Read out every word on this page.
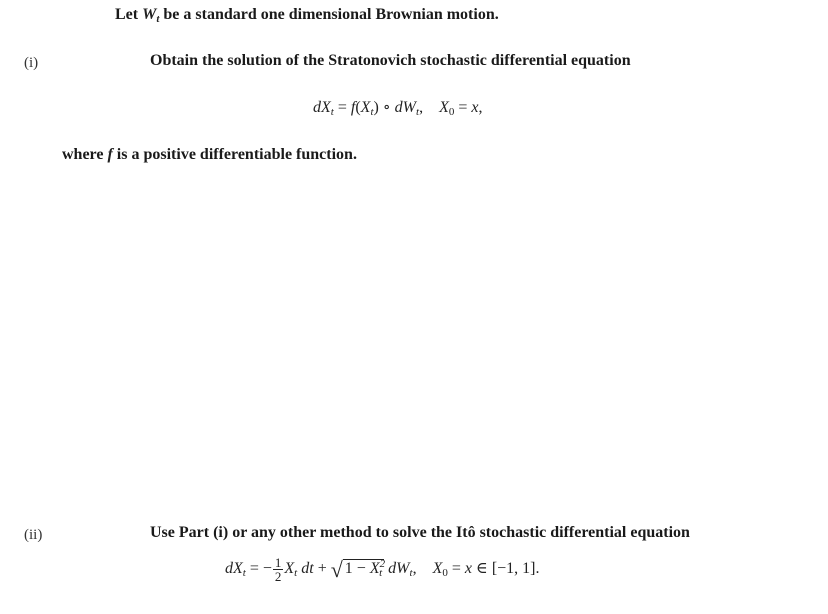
Let $W_t$ be a standard one dimensional Brownian motion.
(i)	Obtain the solution of the Stratonovich stochastic differential equation
$dX_t = f(X_t)$ ∘ $dW_t$,    X0 = x,
where f is a positive differentiable function.
(ii)	Use Part (i) or any other method to solve the Itô stochastic differential equation
$dX_t$ = − $\frac{1}{2} X_t$ dt + √ $1 - X^2_t$ $dW_t$,    X0 = x ∈ [−1, 1].
